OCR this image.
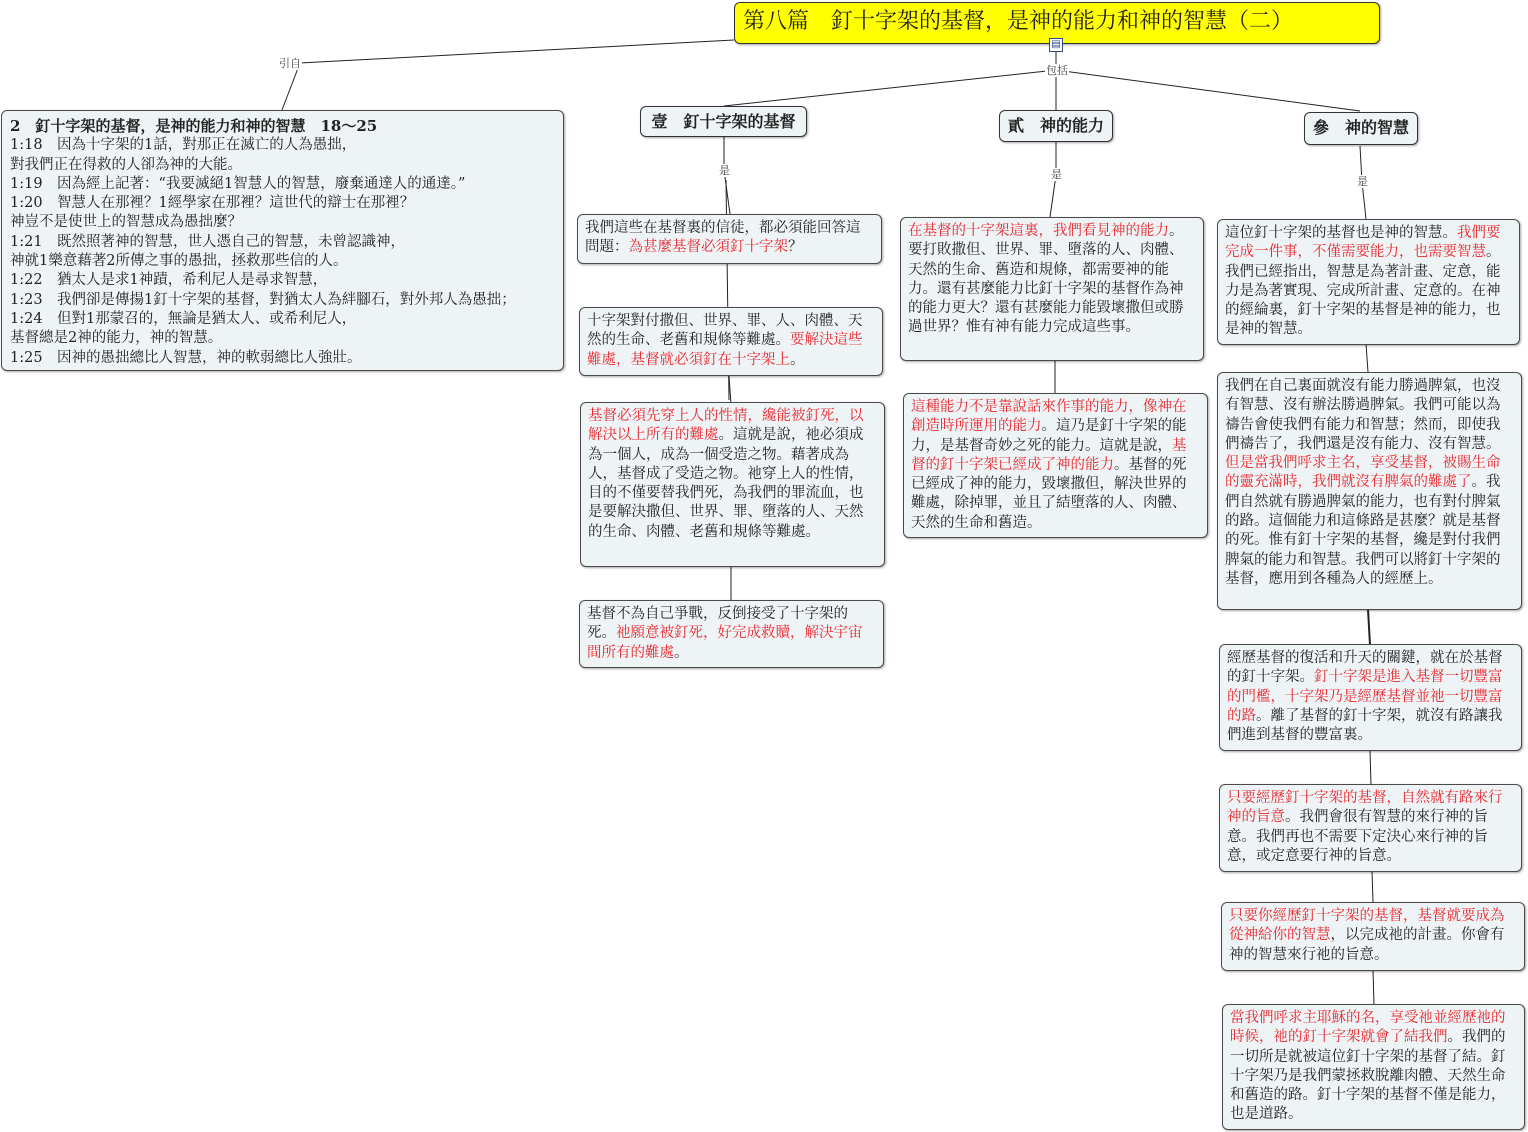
第八篇　釘十字架的基督，是神的能力和神的智慧（二）
▤
引自
包括
是	是
是
2　釘十字架的基督，是神的能力和神的智慧　18～25
1:18　因為十字架的1話，對那正在滅亡的人為愚拙，
對我們正在得救的人卻為神的大能。
1:19　因為經上記著：“我要滅絕1智慧人的智慧，廢棄通達人的通達。”
1:20　智慧人在那裡？1經學家在那裡？這世代的辯士在那裡？
神豈不是使世上的智慧成為愚拙麼？
1:21　既然照著神的智慧，世人憑自己的智慧，未曾認識神，
神就1樂意藉著2所傳之事的愚拙，拯救那些信的人。
1:22　猶太人是求1神蹟，希利尼人是尋求智慧，
1:23　我們卻是傳揚1釘十字架的基督，對猶太人為絆腳石，對外邦人為愚拙；
1:24　但對1那蒙召的，無論是猶太人、或希利尼人，
基督總是2神的能力，神的智慧。
1:25　因神的愚拙總比人智慧，神的軟弱總比人強壯。
壹　釘十字架的基督	貳　神的能力	參　神的智慧
我們這些在基督裏的信徒，都必須能回答這問題：為甚麼基督必須釘十字架？
十字架對付撒但、世界、罪、人、肉體、天然的生命、老舊和規條等難處。要解決這些難處，基督就必須釘在十字架上。
基督必須先穿上人的性情，纔能被釘死，以解決以上所有的難處。這就是說，祂必須成為一個人，成為一個受造之物。藉著成為人，基督成了受造之物。祂穿上人的性情，目的不僅要替我們死，為我們的罪流血，也是要解決撒但、世界、罪、墮落的人、天然的生命、肉體、老舊和規條等難處。
基督不為自己爭戰，反倒接受了十字架的死。祂願意被釘死，好完成救贖，解決宇宙間所有的難處。
在基督的十字架這裏，我們看見神的能力。要打敗撒但、世界、罪、墮落的人、肉體、天然的生命、舊造和規條，都需要神的能力。還有甚麼能力比釘十字架的基督作為神的能力更大？還有甚麼能力能毀壞撒但或勝過世界？惟有神有能力完成這些事。
這種能力不是靠說話來作事的能力，像神在創造時所運用的能力。這乃是釘十字架的能力，是基督奇妙之死的能力。這就是說，基督的釘十字架已經成了神的能力。基督的死已經成了神的能力，毀壞撒但，解決世界的難處，除掉罪，並且了結墮落的人、肉體、天然的生命和舊造。
這位釘十字架的基督也是神的智慧。我們要完成一件事，不僅需要能力，也需要智慧。我們已經指出，智慧是為著計畫、定意，能力是為著實現、完成所計畫、定意的。在神的經綸裏，釘十字架的基督是神的能力，也是神的智慧。
我們在自己裏面就沒有能力勝過脾氣，也沒有智慧、沒有辦法勝過脾氣。我們可能以為禱告會使我們有能力和智慧；然而，即使我們禱告了，我們還是沒有能力、沒有智慧。但是當我們呼求主名，享受基督，被賜生命的靈充滿時，我們就沒有脾氣的難處了。我們自然就有勝過脾氣的能力，也有對付脾氣的路。這個能力和這條路是甚麼？就是基督的死。惟有釘十字架的基督，纔是對付我們脾氣的能力和智慧。我們可以將釘十字架的基督，應用到各種為人的經歷上。
經歷基督的復活和升天的關鍵，就在於基督的釘十字架。釘十字架是進入基督一切豐富的門檻，十字架乃是經歷基督並祂一切豐富的路。離了基督的釘十字架，就沒有路讓我們進到基督的豐富裏。
只要經歷釘十字架的基督，自然就有路來行神的旨意。我們會很有智慧的來行神的旨意。我們再也不需要下定決心來行神的旨意，或定意要行神的旨意。
只要你經歷釘十字架的基督，基督就要成為從神給你的智慧，以完成祂的計畫。你會有神的智慧來行祂的旨意。
當我們呼求主耶穌的名，享受祂並經歷祂的時候，祂的釘十字架就會了結我們。我們的一切所是就被這位釘十字架的基督了結。釘十字架乃是我們蒙拯救脫離肉體、天然生命和舊造的路。釘十字架的基督不僅是能力，也是道路。
